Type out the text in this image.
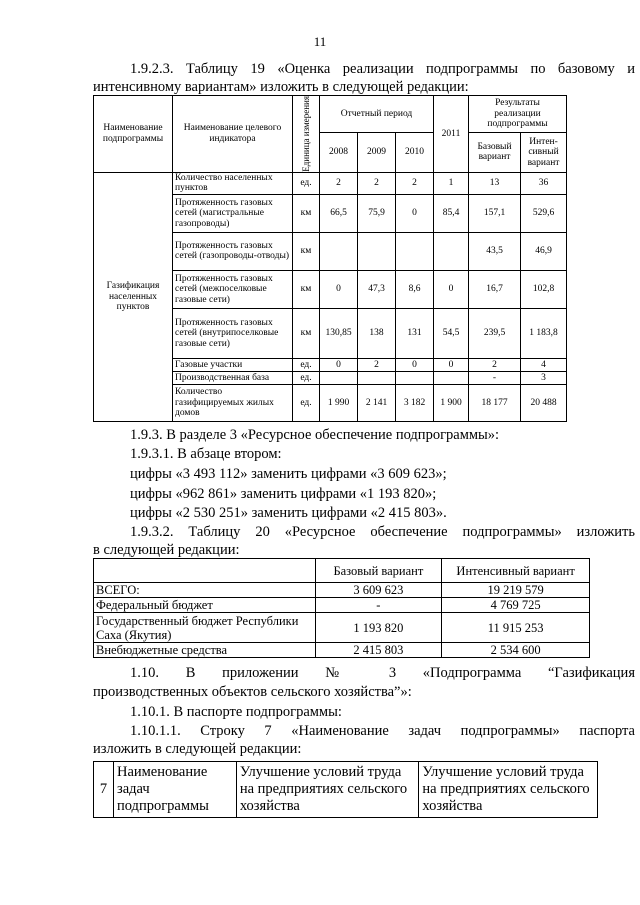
11
1.9.2.3. Таблицу 19 «Оценка реализации подпрограммы по базовому и
интенсивному вариантам» изложить в следующей редакции:
Наименование подпрограммы	Наименование целевого индикатора	Единица измерения	Отчетный период			2011	Результаты реализации подпрограммы	
			2008	2009	2010		Базовый вариант	Интен-сивный вариант
Газификация населенных пунктов	Количество населенных пунктов	ед.	2	2	2	1	13	36
	Протяженность газовых сетей (магистральные газопроводы)	км	66,5	75,9	0	85,4	157,1	529,6
	Протяженность газовых сетей (газопроводы-отводы)	км					43,5	46,9
	Протяженность газовых сетей (межпоселковые газовые сети)	км	0	47,3	8,6	0	16,7	102,8
	Протяженность газовых сетей (внутрипоселковые газовые сети)	км	130,85	138	131	54,5	239,5	1 183,8
	Газовые участки	ед.	0	2	0	0	2	4
	Производственная база	ед.					-	3
	Количество газифицируемых жилых домов	ед.	1 990	2 141	3 182	1 900	18 177	20 488
1.9.3. В разделе 3 «Ресурсное обеспечение подпрограммы»:
1.9.3.1. В абзаце втором:
цифры «3 493 112» заменить цифрами «3 609 623»;
цифры «962 861» заменить цифрами «1 193 820»;
цифры «2 530 251» заменить цифрами «2 415 803».
1.9.3.2. Таблицу 20 «Ресурсное обеспечение подпрограммы» изложить
в следующей редакции:
	Базовый вариант	Интенсивный вариант
ВСЕГО:	3 609 623	19 219 579
Федеральный бюджет	-	4 769 725
Государственный бюджет Республики Саха (Якутия)	1 193 820	11 915 253
Внебюджетные средства	2 415 803	2 534 600
1.10. В приложении № 3 «Подпрограмма “Газификация
производственных объектов сельского хозяйства”»:
1.10.1. В паспорте подпрограммы:
1.10.1.1. Строку 7 «Наименование задач подпрограммы» паспорта
изложить в следующей редакции:
7	Наименование задач подпрограммы	Улучшение условий труда на предприятиях сельского хозяйства	Улучшение условий труда на предприятиях сельского хозяйства
